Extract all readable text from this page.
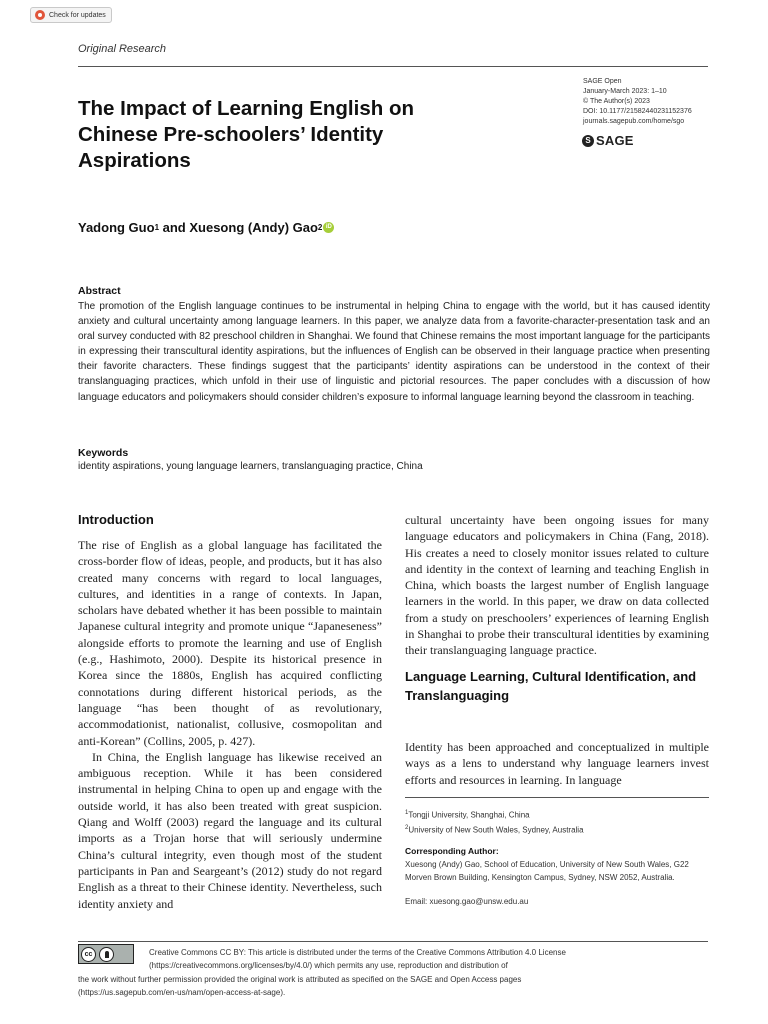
Check for updates
Original Research
SAGE Open
January-March 2023: 1–10
© The Author(s) 2023
DOI: 10.1177/21582440231152376
journals.sagepub.com/home/sgo
S SAGE
The Impact of Learning English on Chinese Pre-schoolers’ Identity Aspirations
Yadong Guo 1 and Xuesong (Andy) Gao 2 iD
Abstract

The promotion of the English language continues to be instrumental in helping China to engage with the world, but it has caused identity anxiety and cultural uncertainty among language learners. In this paper, we analyze data from a favorite-character-presentation task and an oral survey conducted with 82 preschool children in Shanghai. We found that Chinese remains the most important language for the participants in expressing their transcultural identity aspirations, but the influences of English can be observed in their language practice when presenting their favorite characters. These findings suggest that the participants’ identity aspirations can be understood in the context of their translanguaging practices, which unfold in their use of linguistic and pictorial resources. The paper concludes with a discussion of how language educators and policymakers should consider children’s exposure to informal language learning beyond the classroom in teaching.

Keywords
identity aspirations, young language learners, translanguaging practice, China
Introduction

The rise of English as a global language has facilitated the cross-border flow of ideas, people, and products, but it has also created many concerns with regard to local languages, cultures, and identities in a range of contexts. In Japan, scholars have debated whether it has been possible to maintain Japanese cultural integrity and promote unique “Japaneseness” alongside efforts to promote the learning and use of English (e.g., Hashimoto, 2000). Despite its historical presence in Korea since the 1880s, English has acquired conflicting connotations during different historical periods, as the language “has been thought of as revolutionary, accommodationist, nationalist, collusive, cosmopolitan and anti-Korean” (Collins, 2005, p. 427).

In China, the English language has likewise received an ambiguous reception. While it has been considered instrumental in helping China to open up and engage with the outside world, it has also been treated with great suspicion. Qiang and Wolff (2003) regard the language and its cultural imports as a Trojan horse that will seriously undermine China’s cultural integrity, even though most of the student participants in Pan and Seargeant’s (2012) study do not regard English as a threat to their Chinese identity. Nevertheless, such identity anxiety and

cultural uncertainty have been ongoing issues for many language educators and policymakers in China (Fang, 2018). His creates a need to closely monitor issues related to culture and identity in the context of learning and teaching English in China, which boasts the largest number of English language learners in the world. In this paper, we draw on data collected from a study on preschoolers’ experiences of learning English in Shanghai to probe their transcultural identities by examining their translanguaging language practice.

Language Learning, Cultural Identification, and Translanguaging

Identity has been approached and conceptualized in multiple ways as a lens to understand why language learners invest efforts and resources in learning. In language

$^1$Tongji University, Shanghai, China
$^2$University of New South Wales, Sydney, Australia
Corresponding Author:

Xuesong (Andy) Gao, School of Education, University of New South Wales, G22 Morven Brown Building, Kensington Campus, Sydney, NSW 2052, Australia.

Email: xuesong.gao@unsw.edu.au
cc	Creative Commons CC BY: This article is distributed under the terms of the Creative Commons Attribution 4.0 License
(https://creativecommons.org/licenses/by/4.0/) which permits any use, reproduction and distribution of
the work without further permission provided the original work is attributed as specified on the SAGE and Open Access pages
(https://us.sagepub.com/en-us/nam/open-access-at-sage).
